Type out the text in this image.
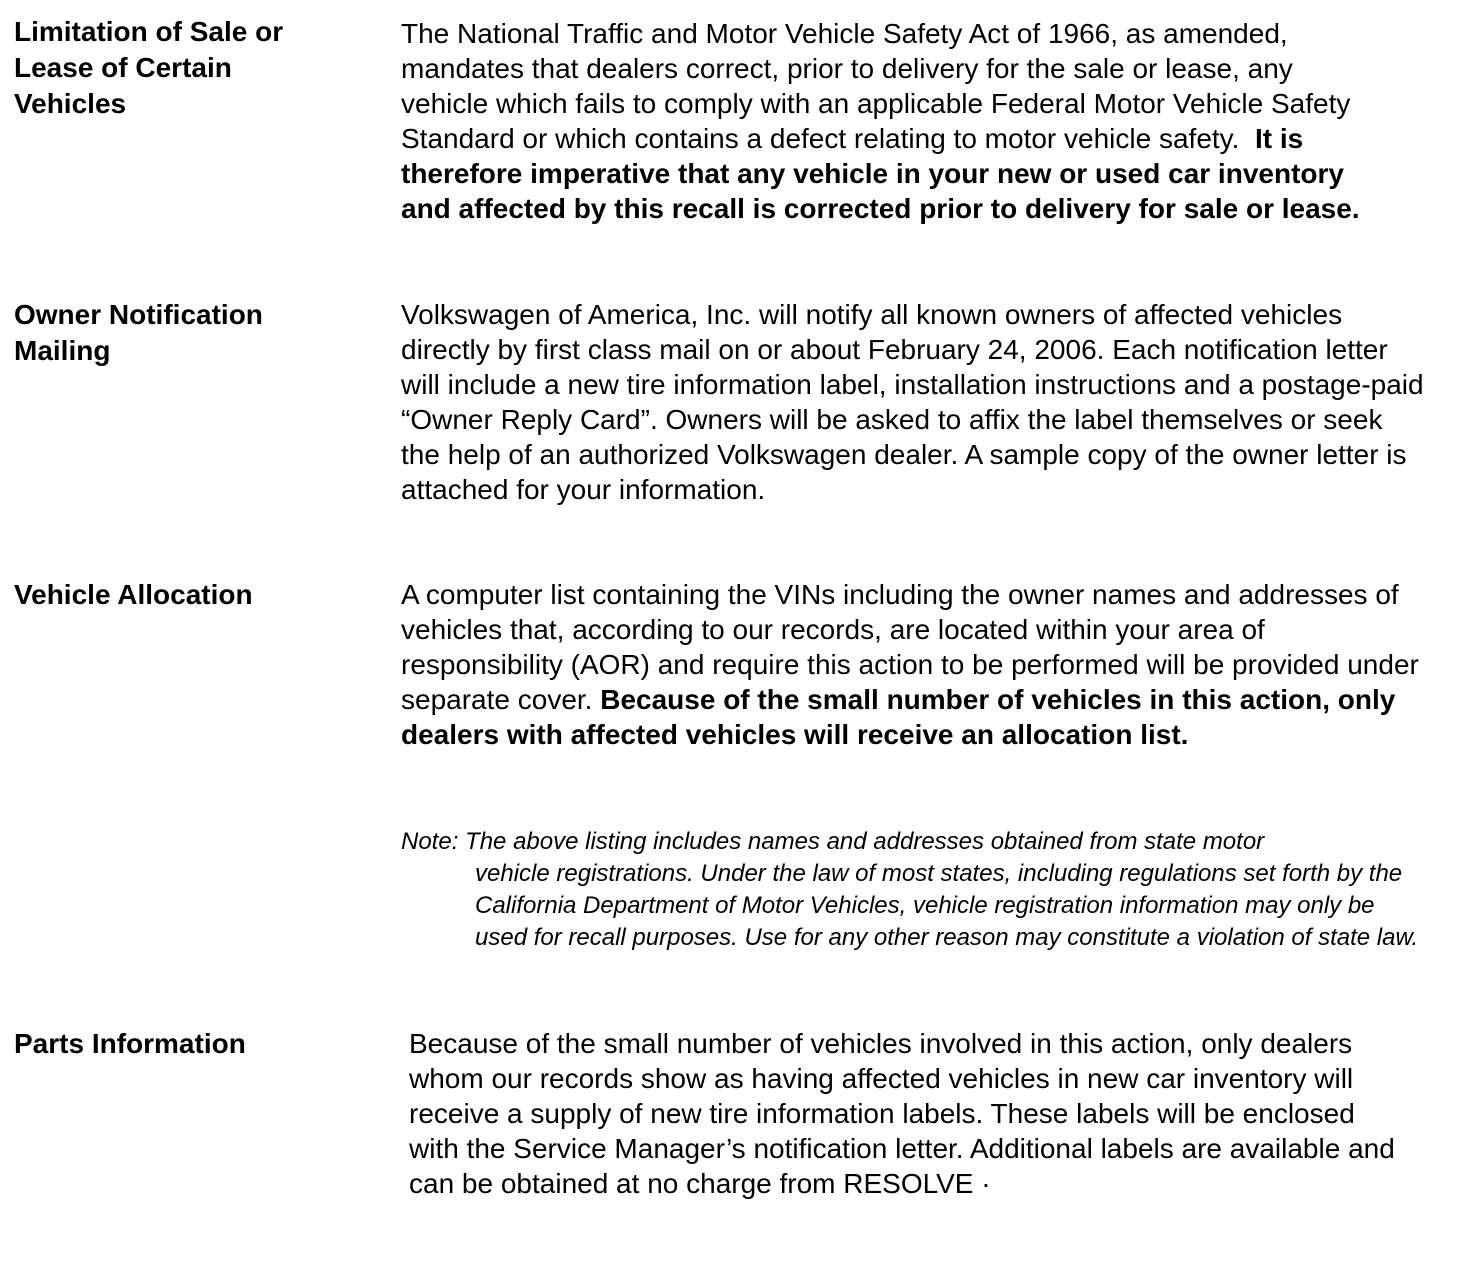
Limitation of Sale or
Lease of Certain
Vehicles

The National Traffic and Motor Vehicle Safety Act of 1966, as amended, mandates that dealers correct, prior to delivery for the sale or lease, any vehicle which fails to comply with an applicable Federal Motor Vehicle Safety Standard or which contains a defect relating to motor vehicle safety. It is therefore imperative that any vehicle in your new or used car inventory and affected by this recall is corrected prior to delivery for sale or lease.

Owner Notification
Mailing

Volkswagen of America, Inc. will notify all known owners of affected vehicles directly by first class mail on or about February 24, 2006. Each notification letter will include a new tire information label, installation instructions and a postage-paid “Owner Reply Card”. Owners will be asked to affix the label themselves or seek the help of an authorized Volkswagen dealer. A sample copy of the owner letter is attached for your information.

Vehicle Allocation	A computer list containing the VINs including the owner names and addresses of vehicles that, according to our records, are located within your area of responsibility (AOR) and require this action to be performed will be provided under separate cover. Because of the small number of vehicles in this action, only dealers with affected vehicles will receive an allocation list.

Note: The above listing includes names and addresses obtained from state motor
vehicle registrations. Under the law of most states, including regulations set forth by the California Department of Motor Vehicles, vehicle registration information may only be used for recall purposes. Use for any other reason may constitute a violation of state law.

Parts Information	Because of the small number of vehicles involved in this action, only dealers whom our records show as having affected vehicles in new car inventory will receive a supply of new tire information labels. These labels will be enclosed with the Service Manager’s notification letter. Additional labels are available and can be obtained at no charge from RESOLVE ·
